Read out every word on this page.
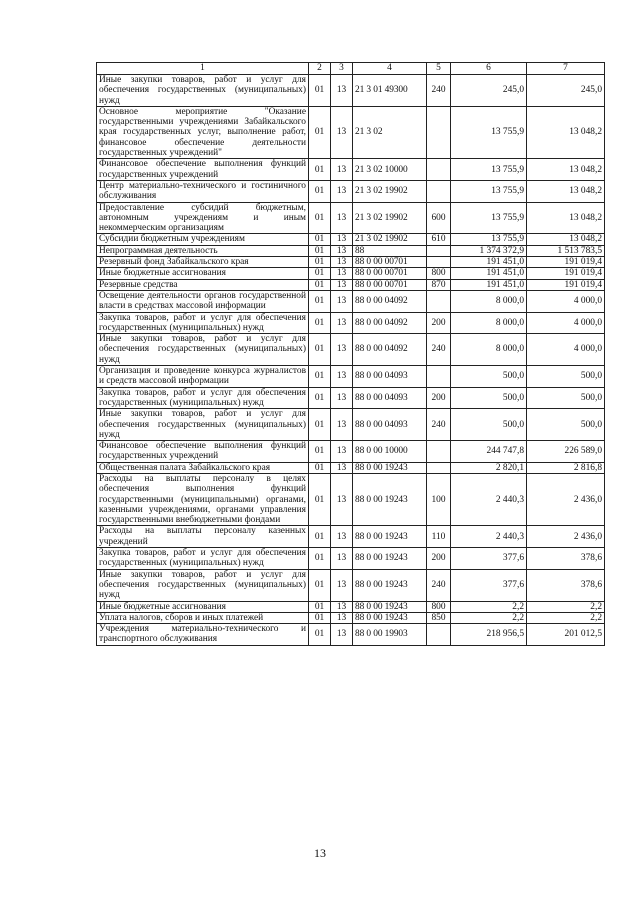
1	2	3	4	5	6	7
Иные закупки товаров, работ и услуг для обеспечения государственных (муниципальных) нужд	01	13	21 3 01 49300	240	245,0	245,0
Основное мероприятие "Оказание государственными учреждениями Забайкальского края государственных услуг, выполнение работ, финансовое обеспечение деятельности государственных учреждений"	01	13	21 3 02		13 755,9	13 048,2
Финансовое обеспечение выполнения функций государственных учреждений	01	13	21 3 02 10000		13 755,9	13 048,2
Центр материально-технического и гостиничного обслуживания	01	13	21 3 02 19902		13 755,9	13 048,2
Предоставление субсидий бюджетным, автономным учреждениям и иным некоммерческим организациям	01	13	21 3 02 19902	600	13 755,9	13 048,2
Субсидии бюджетным учреждениям	01	13	21 3 02 19902	610	13 755,9	13 048,2
Непрограммная деятельность	01	13	88		1 374 372,9	1 513 783,5
Резервный фонд Забайкальского края	01	13	88 0 00 00701		191 451,0	191 019,4
Иные бюджетные ассигнования	01	13	88 0 00 00701	800	191 451,0	191 019,4
Резервные средства	01	13	88 0 00 00701	870	191 451,0	191 019,4
Освещение деятельности органов государственной власти в средствах массовой информации	01	13	88 0 00 04092		8 000,0	4 000,0
Закупка товаров, работ и услуг для обеспечения государственных (муниципальных) нужд	01	13	88 0 00 04092	200	8 000,0	4 000,0
Иные закупки товаров, работ и услуг для обеспечения государственных (муниципальных) нужд	01	13	88 0 00 04092	240	8 000,0	4 000,0
Организация и проведение конкурса журналистов и средств массовой информации	01	13	88 0 00 04093		500,0	500,0
Закупка товаров, работ и услуг для обеспечения государственных (муниципальных) нужд	01	13	88 0 00 04093	200	500,0	500,0
Иные закупки товаров, работ и услуг для обеспечения государственных (муниципальных) нужд	01	13	88 0 00 04093	240	500,0	500,0
Финансовое обеспечение выполнения функций государственных учреждений	01	13	88 0 00 10000		244 747,8	226 589,0
Общественная палата Забайкальского края	01	13	88 0 00 19243		2 820,1	2 816,8
Расходы на выплаты персоналу в целях обеспечения выполнения функций государственными (муниципальными) органами, казенными учреждениями, органами управления государственными внебюджетными фондами	01	13	88 0 00 19243	100	2 440,3	2 436,0
Расходы на выплаты персоналу казенных учреждений	01	13	88 0 00 19243	110	2 440,3	2 436,0
Закупка товаров, работ и услуг для обеспечения государственных (муниципальных) нужд	01	13	88 0 00 19243	200	377,6	378,6
Иные закупки товаров, работ и услуг для обеспечения государственных (муниципальных) нужд	01	13	88 0 00 19243	240	377,6	378,6
Иные бюджетные ассигнования	01	13	88 0 00 19243	800	2,2	2,2
Уплата налогов, сборов и иных платежей	01	13	88 0 00 19243	850	2,2	2,2
Учреждения материально-технического и транспортного обслуживания	01	13	88 0 00 19903		218 956,5	201 012,5
13
